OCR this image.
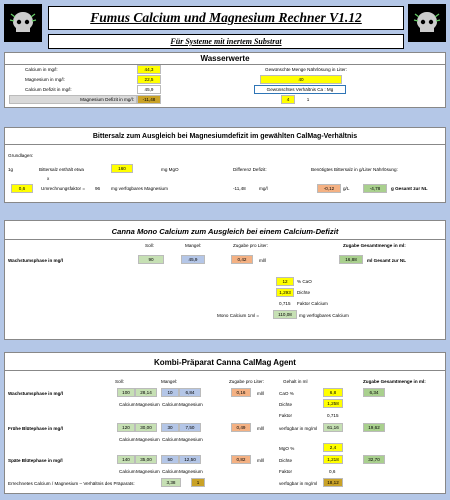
Fumus Calcium und Magnesium Rechner V1.12
Für Systeme mit inertem Substrat
Wasserwerte
Calcium in mg/l:	44,3
Magnesium in mg/l:	22,5
Calcium Defizit in mg/l:	45,9
Magnesium Defizit in mg/l:	-11,48
Gewünschte Menge Nährlösung in Liter:
40
Gewünschtes Verhältnis Ca : Mg
4	1
Bittersalz zum Ausgleich bei Magnesiumdefizit im gewählten CalMag-Verhältnis
Grundlagen:
1g	Bittersalz enthält etwa	160	mg MgO
x
Differenz Defizit:	Benötigtes Bittersalz in g/Liter Nährlösung:
0,6	Umrechnungsfaktor = 96 mg verfügbares Magnesium	-11,48	mg/l	-0,12	g/L	-4,78	g Gesamt zur NL
Canna Mono Calcium zum Ausgleich bei einem Calcium-Defizit
Soll:	Mangel:	Zugabe pro Liter:	Zugabe Gesamtmenge in ml:
Wachstumsphase in mg/l	90	45,9	0,42	ml/l	16,88	ml Gesamt zur NL
12	% CaO
1,293	Dichte
0,715 Faktor Calcium
Mono Calcium 1ml =	110,08	mg verfügbares Calcium
Kombi-Präparat Canna CalMag Agent
Soll:	Mangel:	Zugabe pro Liter:	Gehalt in ml	Zugabe Gesamtmenge in ml:
Wachstumsphase in mg/l	100	28,14	10	6,84	0,16	ml/l	CaO %	6,8	6,34
Calcium Magnesium Calcium Magnesium	Dichte	1,258
Faktor	0,715
Frühe Blütephase in mg/l	120	30,00	30	7,50	0,49	ml/l	verfügbar in mg/ml	61,16	19,62
Calcium Magnesium Calcium Magnesium
MgO %	2,4
Späte Blütephase in mg/l	140	35,00	50	12,50	0,82	ml/l	Dichte	1,218	32,70
Calcium Magnesium Calcium Magnesium	Faktor	0,6
Errechnetes Calcium / Magnesium – Verhältnis des Präparats:	3,38	1	verfügbar in mg/ml	18,12
